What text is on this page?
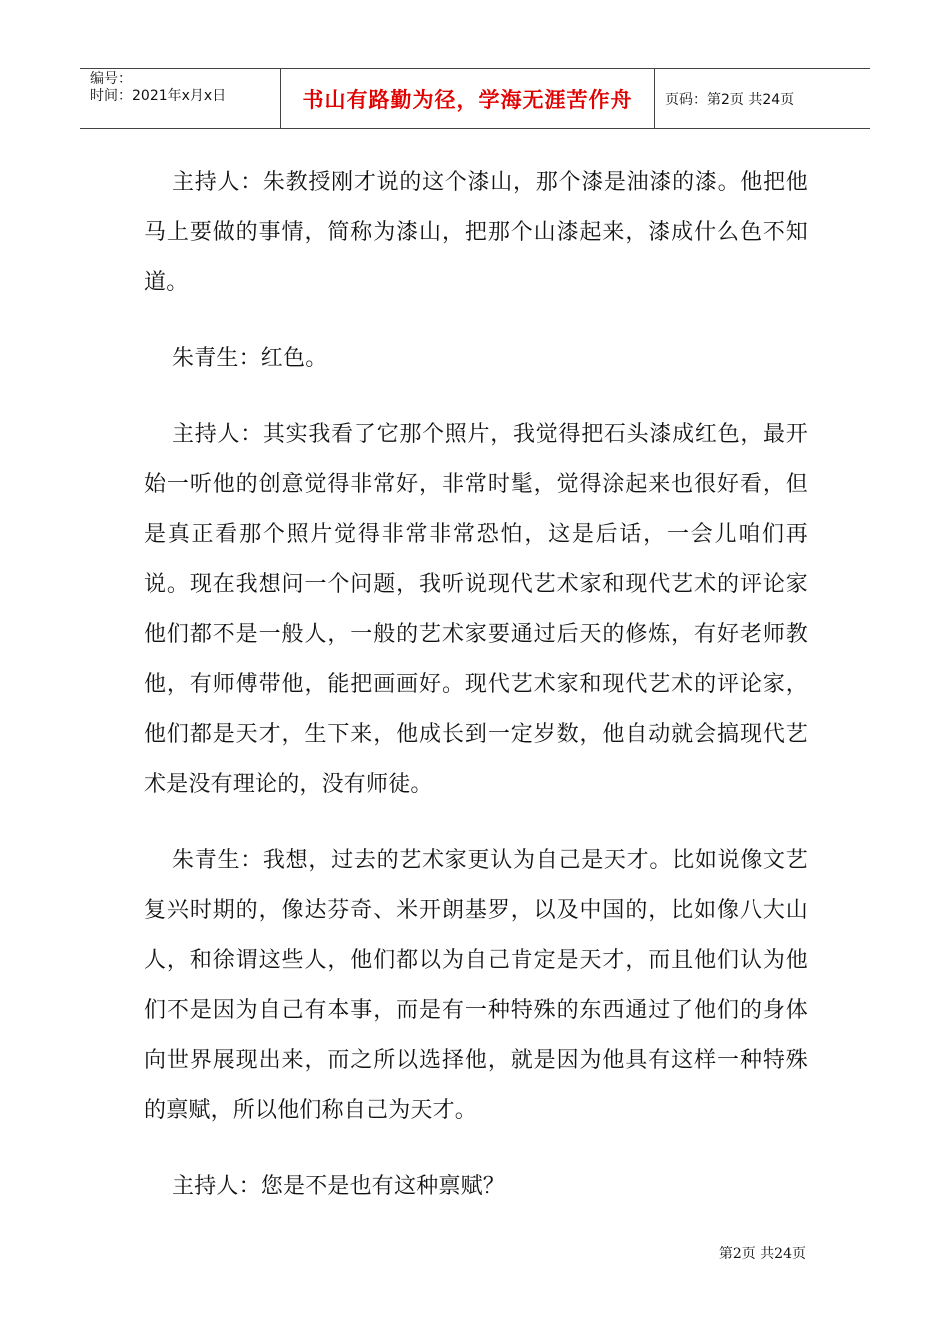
编号：
时间：2021年x月x日	书山有路勤为径，学海无涯苦作舟 页码：第2页 共24页

主持人：朱教授刚才说的这个漆山，那个漆是油漆的漆。他把他马上要做的事情，简称为漆山，把那个山漆起来，漆成什么色不知道。

朱青生：红色。

主持人：其实我看了它那个照片，我觉得把石头漆成红色，最开始一听他的创意觉得非常好，非常时髦，觉得涂起来也很好看，但是真正看那个照片觉得非常非常恐怕，这是后话，一会儿咱们再说。现在我想问一个问题，我听说现代艺术家和现代艺术的评论家他们都不是一般人，一般的艺术家要通过后天的修炼，有好老师教他，有师傅带他，能把画画好。现代艺术家和现代艺术的评论家，他们都是天才，生下来，他成长到一定岁数，他自动就会搞现代艺术是没有理论的，没有师徒。

朱青生：我想，过去的艺术家更认为自己是天才。比如说像文艺复兴时期的，像达芬奇、米开朗基罗，以及中国的，比如像八大山人，和徐谓这些人，他们都以为自己肯定是天才，而且他们认为他们不是因为自己有本事，而是有一种特殊的东西通过了他们的身体向世界展现出来，而之所以选择他，就是因为他具有这样一种特殊的禀赋，所以他们称自己为天才。

主持人：您是不是也有这种禀赋？

第2页 共24页
